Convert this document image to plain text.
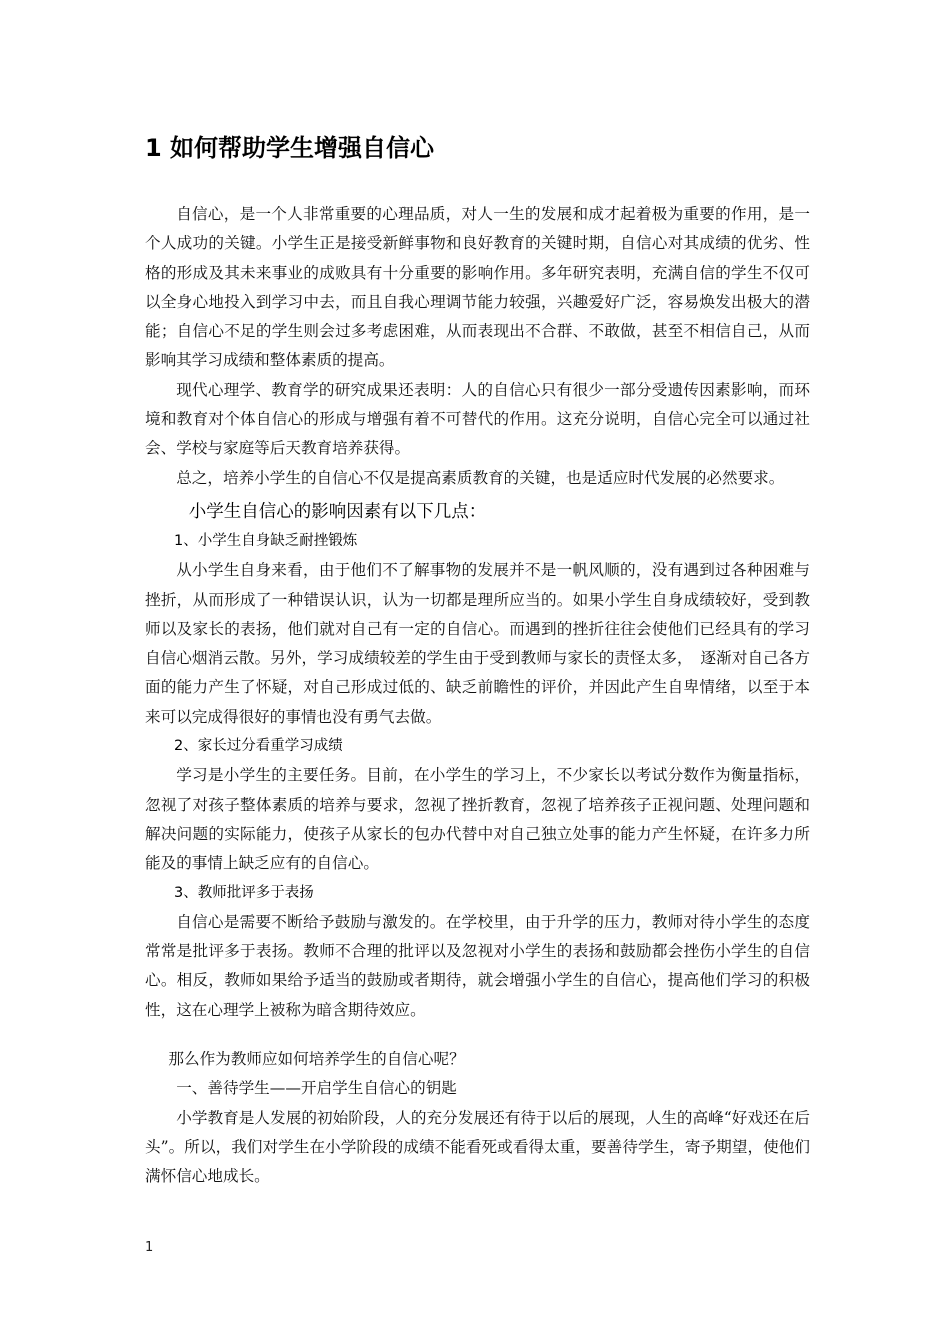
1 如何帮助学生增强自信心

自信心，是一个人非常重要的心理品质，对人一生的发展和成才起着极为重要的作用，是一个人成功的关键。小学生正是接受新鲜事物和良好教育的关键时期，自信心对其成绩的优劣、性格的形成及其未来事业的成败具有十分重要的影响作用。多年研究表明，充满自信的学生不仅可以全身心地投入到学习中去，而且自我心理调节能力较强，兴趣爱好广泛，容易焕发出极大的潜能；自信心不足的学生则会过多考虑困难，从而表现出不合群、不敢做，甚至不相信自己，从而影响其学习成绩和整体素质的提高。

现代心理学、教育学的研究成果还表明：人的自信心只有很少一部分受遗传因素影响，而环境和教育对个体自信心的形成与增强有着不可替代的作用。这充分说明，自信心完全可以通过社会、学校与家庭等后天教育培养获得。

总之，培养小学生的自信心不仅是提高素质教育的关键，也是适应时代发展的必然要求。

小学生自信心的影响因素有以下几点：

1、小学生自身缺乏耐挫锻炼

从小学生自身来看，由于他们不了解事物的发展并不是一帆风顺的，没有遇到过各种困难与挫折，从而形成了一种错误认识，认为一切都是理所应当的。如果小学生自身成绩较好，受到教师以及家长的表扬，他们就对自己有一定的自信心。而遇到的挫折往往会使他们已经具有的学习自信心烟消云散。另外，学习成绩较差的学生由于受到教师与家长的责怪太多，　逐渐对自己各方面的能力产生了怀疑，对自己形成过低的、缺乏前瞻性的评价，并因此产生自卑情绪，以至于本来可以完成得很好的事情也没有勇气去做。

2、家长过分看重学习成绩

学习是小学生的主要任务。目前，在小学生的学习上，不少家长以考试分数作为衡量指标，忽视了对孩子整体素质的培养与要求，忽视了挫折教育，忽视了培养孩子正视问题、处理问题和解决问题的实际能力，使孩子从家长的包办代替中对自己独立处事的能力产生怀疑，在许多力所能及的事情上缺乏应有的自信心。

3、教师批评多于表扬

自信心是需要不断给予鼓励与激发的。在学校里，由于升学的压力，教师对待小学生的态度常常是批评多于表扬。教师不合理的批评以及忽视对小学生的表扬和鼓励都会挫伤小学生的自信心。相反，教师如果给予适当的鼓励或者期待，就会增强小学生的自信心，提高他们学习的积极性，这在心理学上被称为暗含期待效应。

那么作为教师应如何培养学生的自信心呢？

一、善待学生——开启学生自信心的钥匙

小学教育是人发展的初始阶段，人的充分发展还有待于以后的展现，人生的高峰“好戏还在后头”。所以，我们对学生在小学阶段的成绩不能看死或看得太重，要善待学生，寄予期望，使他们满怀信心地成长。

1
